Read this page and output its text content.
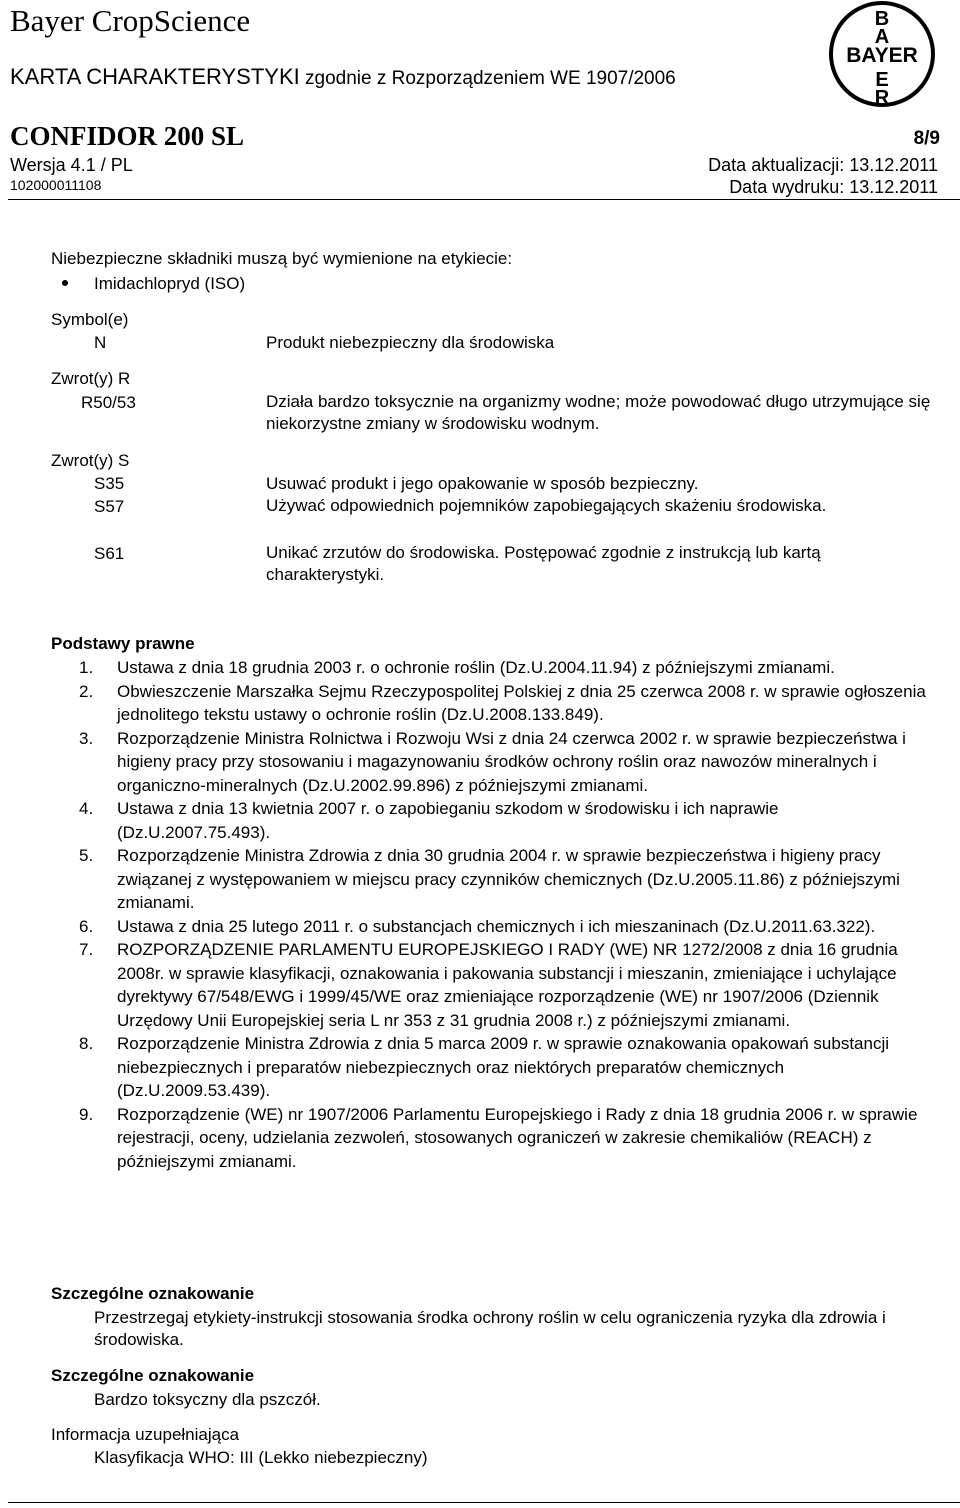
Bayer CropScience
KARTA CHARAKTERYSTYKI zgodnie z Rozporządzeniem WE 1907/2006
B
A
E
R
BAYER
CONFIDOR 200 SL	8/9
Wersja 4.1 / PL
102000011108
Data aktualizacji: 13.12.2011
Data wydruku: 13.12.2011
Niebezpieczne składniki muszą być wymienione na etykiecie:
Imidachlopryd (ISO)
Symbol(e)
N	Produkt niebezpieczny dla środowiska
Zwrot(y) R
R50/53	Działa bardzo toksycznie na organizmy wodne; może powodować długo utrzymujące się niekorzystne zmiany w środowisku wodnym.
Zwrot(y) S
S35	Usuwać produkt i jego opakowanie w sposób bezpieczny.
S57	Używać odpowiednich pojemników zapobiegających skażeniu środowiska.
S61	Unikać zrzutów do środowiska. Postępować zgodnie z instrukcją lub kartą charakterystyki.
Podstawy prawne
1. Ustawa z dnia 18 grudnia 2003 r. o ochronie roślin (Dz.U.2004.11.94) z późniejszymi zmianami.
2. Obwieszczenie Marszałka Sejmu Rzeczypospolitej Polskiej z dnia 25 czerwca 2008 r. w sprawie ogłoszenia jednolitego tekstu ustawy o ochronie roślin (Dz.U.2008.133.849).
3. Rozporządzenie Ministra Rolnictwa i Rozwoju Wsi z dnia 24 czerwca 2002 r. w sprawie bezpieczeństwa i higieny pracy przy stosowaniu i magazynowaniu środków ochrony roślin oraz nawozów mineralnych i organiczno-mineralnych (Dz.U.2002.99.896) z późniejszymi zmianami.
4. Ustawa z dnia 13 kwietnia 2007 r. o zapobieganiu szkodom w środowisku i ich naprawie (Dz.U.2007.75.493).
5. Rozporządzenie Ministra Zdrowia z dnia 30 grudnia 2004 r. w sprawie bezpieczeństwa i higieny pracy związanej z występowaniem w miejscu pracy czynników chemicznych (Dz.U.2005.11.86) z późniejszymi zmianami.
6. Ustawa z dnia 25 lutego 2011 r. o substancjach chemicznych i ich mieszaninach (Dz.U.2011.63.322).
7. ROZPORZĄDZENIE PARLAMENTU EUROPEJSKIEGO I RADY (WE) NR 1272/2008 z dnia 16 grudnia 2008r. w sprawie klasyfikacji, oznakowania i pakowania substancji i mieszanin, zmieniające i uchylające dyrektywy 67/548/EWG i 1999/45/WE oraz zmieniające rozporządzenie (WE) nr 1907/2006 (Dziennik Urzędowy Unii Europejskiej seria L nr 353 z 31 grudnia 2008 r.) z późniejszymi zmianami.
8. Rozporządzenie Ministra Zdrowia z dnia 5 marca 2009 r. w sprawie oznakowania opakowań substancji niebezpiecznych i preparatów niebezpiecznych oraz niektórych preparatów chemicznych (Dz.U.2009.53.439).
9. Rozporządzenie (WE) nr 1907/2006 Parlamentu Europejskiego i Rady z dnia 18 grudnia 2006 r. w sprawie rejestracji, oceny, udzielania zezwoleń, stosowanych ograniczeń w zakresie chemikaliów (REACH) z późniejszymi zmianami.
Szczególne oznakowanie
Przestrzegaj etykiety-instrukcji stosowania środka ochrony roślin w celu ograniczenia ryzyka dla zdrowia i środowiska.
Szczególne oznakowanie
Bardzo toksyczny dla pszczół.
Informacja uzupełniająca
Klasyfikacja WHO: III (Lekko niebezpieczny)
